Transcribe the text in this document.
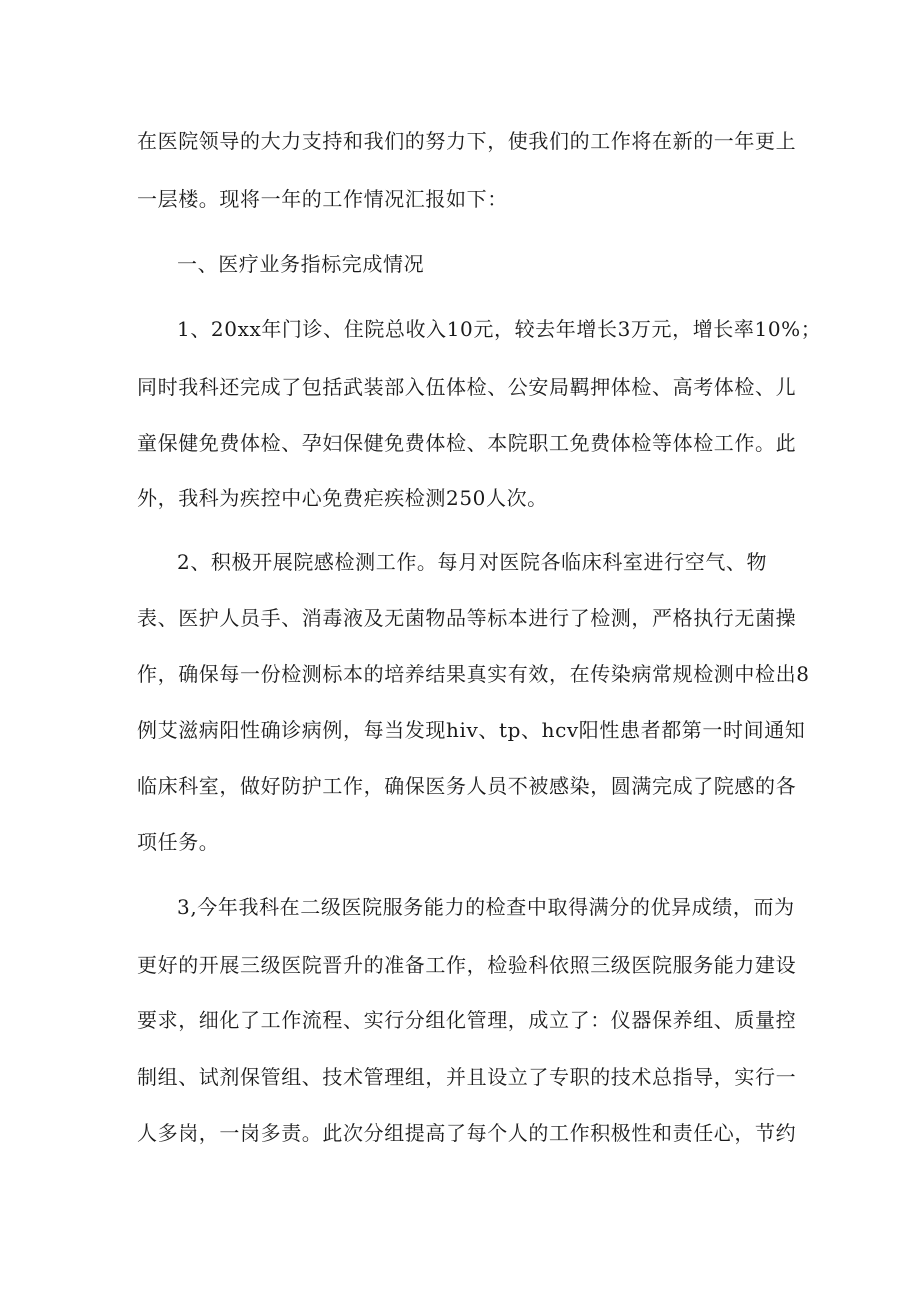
在医院领导的大力支持和我们的努力下，使我们的工作将在新的一年更上
一层楼。现将一年的工作情况汇报如下：
一、医疗业务指标完成情况
1、20xx年门诊、住院总收入10元，较去年增长3万元，增长率10%；
同时我科还完成了包括武装部入伍体检、公安局羁押体检、高考体检、儿
童保健免费体检、孕妇保健免费体检、本院职工免费体检等体检工作。此
外，我科为疾控中心免费疟疾检测250人次。
2、积极开展院感检测工作。每月对医院各临床科室进行空气、物
表、医护人员手、消毒液及无菌物品等标本进行了检测，严格执行无菌操
作，确保每一份检测标本的培养结果真实有效，在传染病常规检测中检出8
例艾滋病阳性确诊病例，每当发现hiv、tp、hcv阳性患者都第一时间通知
临床科室，做好防护工作，确保医务人员不被感染，圆满完成了院感的各
项任务。
3,今年我科在二级医院服务能力的检查中取得满分的优异成绩，而为
更好的开展三级医院晋升的准备工作，检验科依照三级医院服务能力建设
要求，细化了工作流程、实行分组化管理，成立了：仪器保养组、质量控
制组、试剂保管组、技术管理组，并且设立了专职的技术总指导，实行一
人多岗，一岗多责。此次分组提高了每个人的工作积极性和责任心，节约
